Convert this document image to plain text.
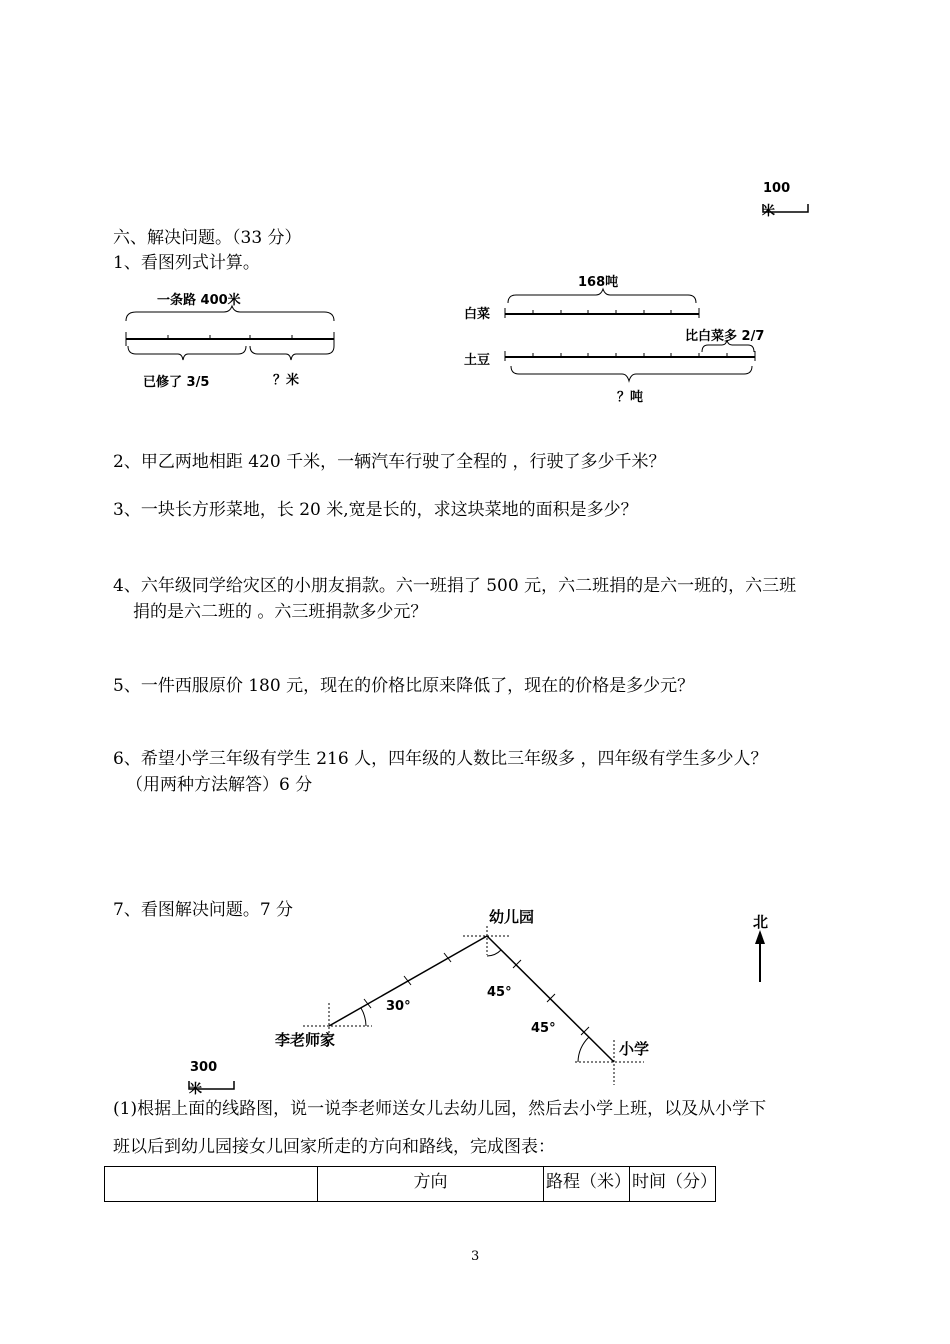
100
米
六、解决问题。（33 分）
1、看图列式计算。
一条路 400米
已修了 3/5	？米
168吨
白菜
土豆
比白菜多 2/7
？吨
2、甲乙两地相距 420 千米，一辆汽车行驶了全程的 ，行驶了多少千米？
3、一块长方形菜地，长 20 米,宽是长的，求这块菜地的面积是多少？
4、六年级同学给灾区的小朋友捐款。六一班捐了 500 元，六二班捐的是六一班的，六三班
捐的是六二班的 。六三班捐款多少元？
5、一件西服原价 180 元，现在的价格比原来降低了，现在的价格是多少元？
6、希望小学三年级有学生 216 人，四年级的人数比三年级多 ，四年级有学生多少人？
（用两种方法解答）6 分
7、看图解决问题。7 分	幼儿园
李老师家	小学
北
30°
45°
45°
300
米
(1)根据上面的线路图，说一说李老师送女儿去幼儿园，然后去小学上班，以及从小学下
班以后到幼儿园接女儿回家所走的方向和路线，完成图表：
	方向	路程（米）	时间（分）
3
